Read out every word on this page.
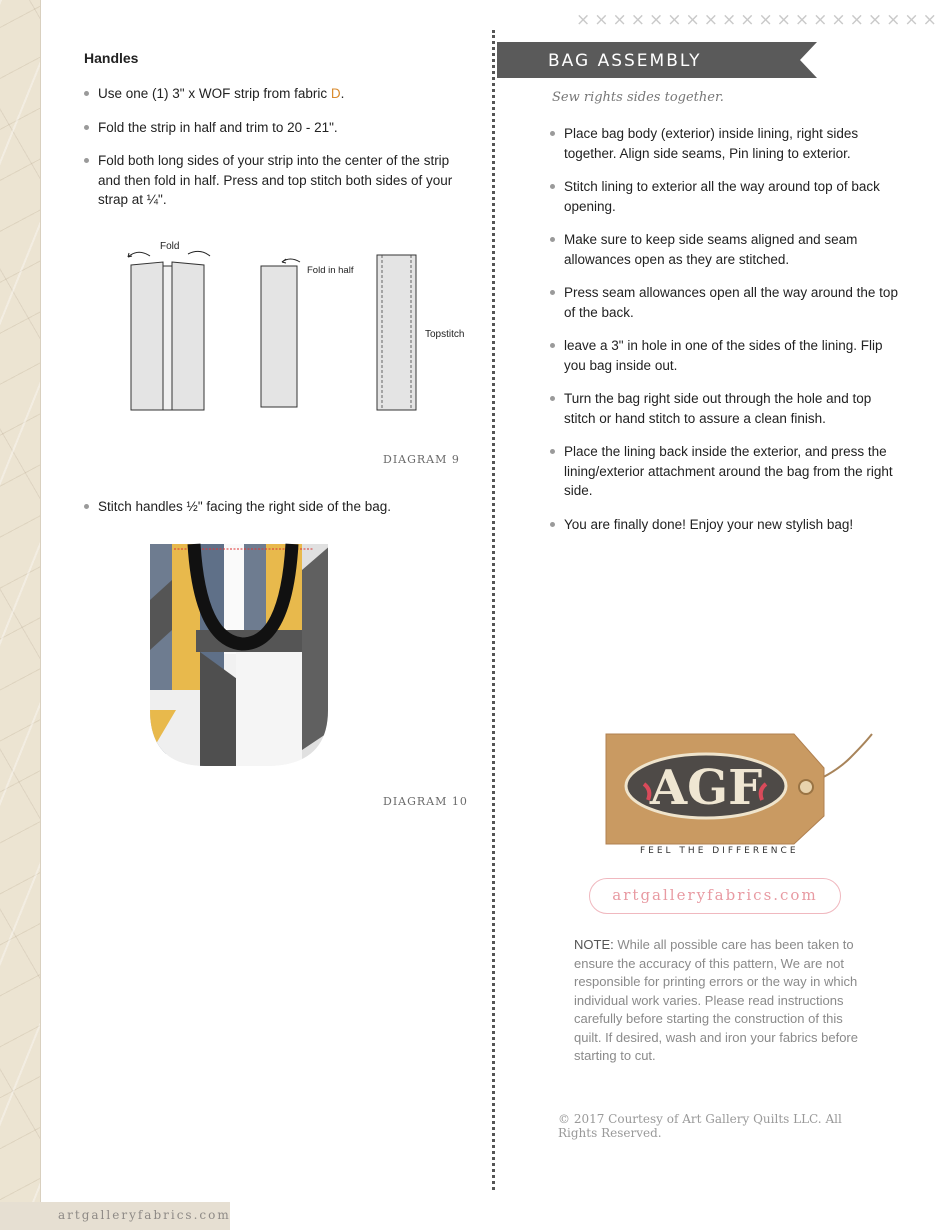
artgalleryfabrics.com
××××××××××××××××××××
Handles
Use one (1) 3" x WOF strip from fabric D.
Fold the strip in half and trim to 20 - 21".
Fold both long sides of your strip into the center of the strip and then fold in half. Press and top stitch both sides of your strap at ¼".
Fold
Fold in half
Topstitch
DIAGRAM 9
Stitch handles ½" facing the right side of the bag.
DIAGRAM 10
BAG ASSEMBLY
Sew rights sides together.
Place bag body (exterior) inside lining, right sides together. Align side seams, Pin lining to exterior.
Stitch lining to exterior all the way around top of back opening.
Make sure to keep side seams aligned and seam allowances open as they are stitched.
Press seam allowances open all the way around the top of the back.
leave a 3" in hole in one of the sides of the lining. Flip you bag inside out.
Turn the bag right side out through the hole and top stitch or hand stitch to assure a clean finish.
Place the lining back inside the exterior, and press the lining/exterior attachment around the bag from the right side.
You are finally done! Enjoy your new stylish bag!
AGF
FEEL THE DIFFERENCE
artgalleryfabrics.com
NOTE: While all possible care has been taken to ensure the accuracy of this pattern, We are not responsible for printing errors or the way in which individual work varies. Please read instructions carefully before starting the construction of this quilt. If desired, wash and iron your fabrics before starting to cut.
© 2017 Courtesy of Art Gallery Quilts LLC. All Rights Reserved.
